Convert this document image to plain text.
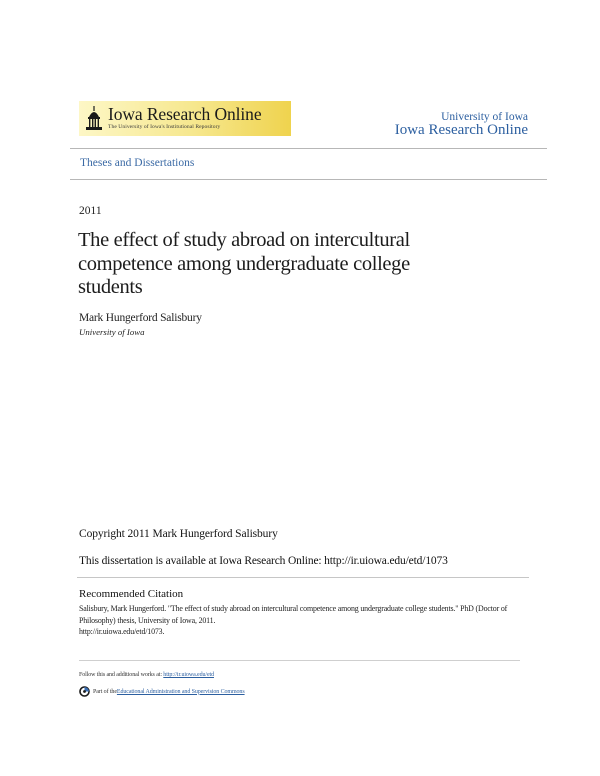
Iowa Research Online
The University of Iowa's Institutional Repository
University of Iowa
Iowa Research Online
Theses and Dissertations
2011
The effect of study abroad on intercultural competence among undergraduate college students
Mark Hungerford Salisbury
University of Iowa
Copyright 2011 Mark Hungerford Salisbury
This dissertation is available at Iowa Research Online: http://ir.uiowa.edu/etd/1073
Recommended Citation
Salisbury, Mark Hungerford. "The effect of study abroad on intercultural competence among undergraduate college students." PhD (Doctor of Philosophy) thesis, University of Iowa, 2011.
http://ir.uiowa.edu/etd/1073.
Follow this and additional works at: http://ir.uiowa.edu/etd
Part of the Educational Administration and Supervision Commons
